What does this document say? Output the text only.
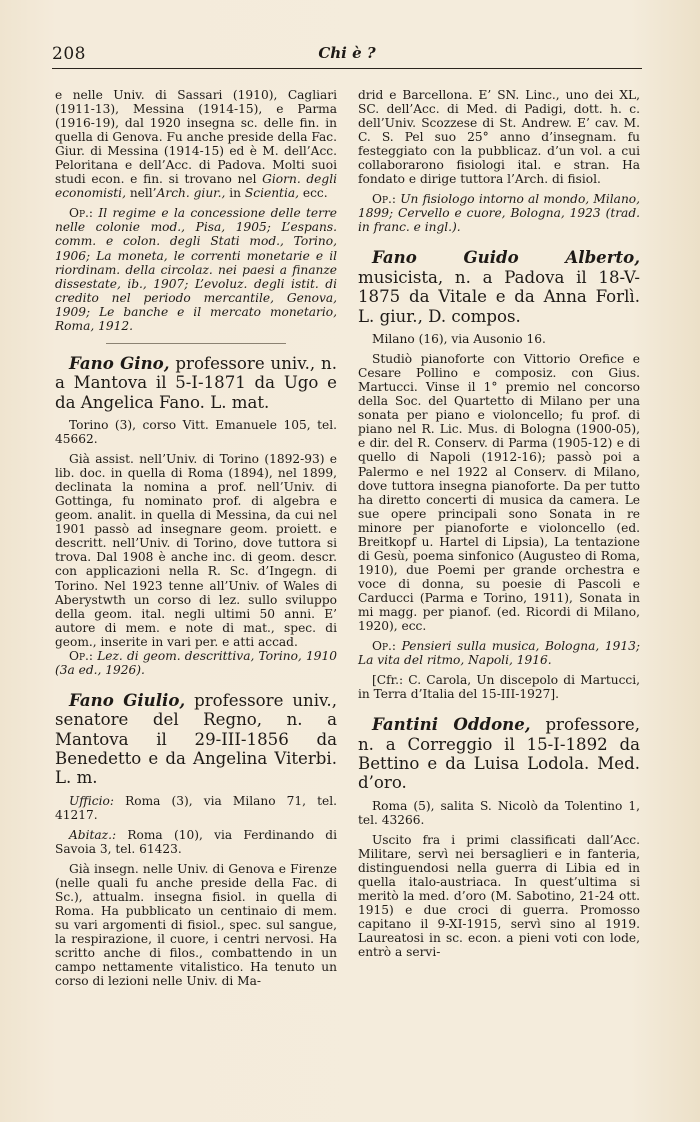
208	Chi è ?

e nelle Univ. di Sassari (1910), Cagliari (1911-13), Messina (1914-15), e Parma (1916-19), dal 1920 insegna sc. delle fin. in quella di Genova. Fu anche preside della Fac. Giur. di Messina (1914-15) ed è M. dell’Acc. Peloritana e dell’Acc. di Padova. Molti suoi studi econ. e fin. si trovano nel Giorn. degli economisti, nell’Arch. giur., in Scientia, ecc.

Op.: Il regime e la concessione delle terre nelle colonie mod., Pisa, 1905; L’espans. comm. e colon. degli Stati mod., Torino, 1906; La moneta, le correnti monetarie e il riordinam. della circolaz. nei paesi a finanze dissestate, ib., 1907; L’evoluz. degli istit. di credito nel periodo mercantile, Genova, 1909; Le banche e il mercato monetario, Roma, 1912.

Fano Gino, professore univ., n. a Mantova il 5-I-1871 da Ugo e da Angelica Fano. L. mat.

Torino (3), corso Vitt. Emanuele 105, tel. 45662.

Già assist. nell’Univ. di Torino (1892-93) e lib. doc. in quella di Roma (1894), nel 1899, declinata la nomina a prof. nell’Univ. di Gottinga, fu nominato prof. di algebra e geom. analit. in quella di Messina, da cui nel 1901 passò ad insegnare geom. proiett. e descritt. nell’Univ. di Torino, dove tuttora si trova. Dal 1908 è anche inc. di geom. descr. con applicazioni nella R. Sc. d’Ingegn. di Torino. Nel 1923 tenne all’Univ. of Wales di Aberystwth un corso di lez. sullo sviluppo della geom. ital. negli ultimi 50 anni. E’ autore di mem. e note di mat., spec. di geom., inserite in vari per. e atti accad.

Op.: Lez. di geom. descrittiva, Torino, 1910 (3a ed., 1926).

Fano Giulio, professore univ., senatore del Regno, n. a Mantova il 29-III-1856 da Benedetto e da Angelina Viterbi. L. m.

Ufficio: Roma (3), via Milano 71, tel. 41217.

Abitaz.: Roma (10), via Ferdinando di Savoia 3, tel. 61423.

Già insegn. nelle Univ. di Genova e Firenze (nelle quali fu anche preside della Fac. di Sc.), attualm. insegna fisiol. in quella di Roma. Ha pubblicato un centinaio di mem. su vari argomenti di fisiol., spec. sul sangue, la respirazione, il cuore, i centri nervosi. Ha scritto anche di filos., combattendo in un campo nettamente vitalistico. Ha tenuto un corso di lezioni nelle Univ. di Ma-

drid e Barcellona. E’ SN. Linc., uno dei XL, SC. dell’Acc. di Med. di Padigi, dott. h. c. dell’Univ. Scozzese di St. Andrew. E’ cav. M. C. S. Pel suo 25° anno d’insegnam. fu festeggiato con la pubblicaz. d’un vol. a cui collaborarono fisiologi ital. e stran. Ha fondato e dirige tuttora l’Arch. di fisiol.

Op.: Un fisiologo intorno al mondo, Milano, 1899; Cervello e cuore, Bologna, 1923 (trad. in franc. e ingl.).

Fano Guido Alberto, musicista, n. a Padova il 18-V-1875 da Vitale e da Anna Forlì. L. giur., D. compos.

Milano (16), via Ausonio 16.

Studiò pianoforte con Vittorio Orefice e Cesare Pollino e composiz. con Gius. Martucci. Vinse il 1° premio nel concorso della Soc. del Quartetto di Milano per una sonata per piano e violoncello; fu prof. di piano nel R. Lic. Mus. di Bologna (1900-05), e dir. del R. Conserv. di Parma (1905-12) e di quello di Napoli (1912-16); passò poi a Palermo e nel 1922 al Conserv. di Milano, dove tuttora insegna pianoforte. Da per tutto ha diretto concerti di musica da camera. Le sue opere principali sono Sonata in re minore per pianoforte e violoncello (ed. Breitkopf u. Hartel di Lipsia), La tentazione di Gesù, poema sinfonico (Augusteo di Roma, 1910), due Poemi per grande orchestra e voce di donna, su poesie di Pascoli e Carducci (Parma e Torino, 1911), Sonata in mi magg. per pianof. (ed. Ricordi di Milano, 1920), ecc.

Op.: Pensieri sulla musica, Bologna, 1913; La vita del ritmo, Napoli, 1916.

[Cfr.: C. Carola, Un discepolo di Martucci, in Terra d’Italia del 15-III-1927].

Fantini Oddone, professore, n. a Correggio il 15-I-1892 da Bettino e da Luisa Lodola. Med. d’oro.

Roma (5), salita S. Nicolò da Tolentino 1, tel. 43266.

Uscito fra i primi classificati dall’Acc. Militare, servì nei bersaglieri e in fanteria, distinguendosi nella guerra di Libia ed in quella italo-austriaca. In quest’ultima si meritò la med. d’oro (M. Sabotino, 21-24 ott. 1915) e due croci di guerra. Promosso capitano il 9-XI-1915, servì sino al 1919. Laureatosi in sc. econ. a pieni voti con lode, entrò a servi-
